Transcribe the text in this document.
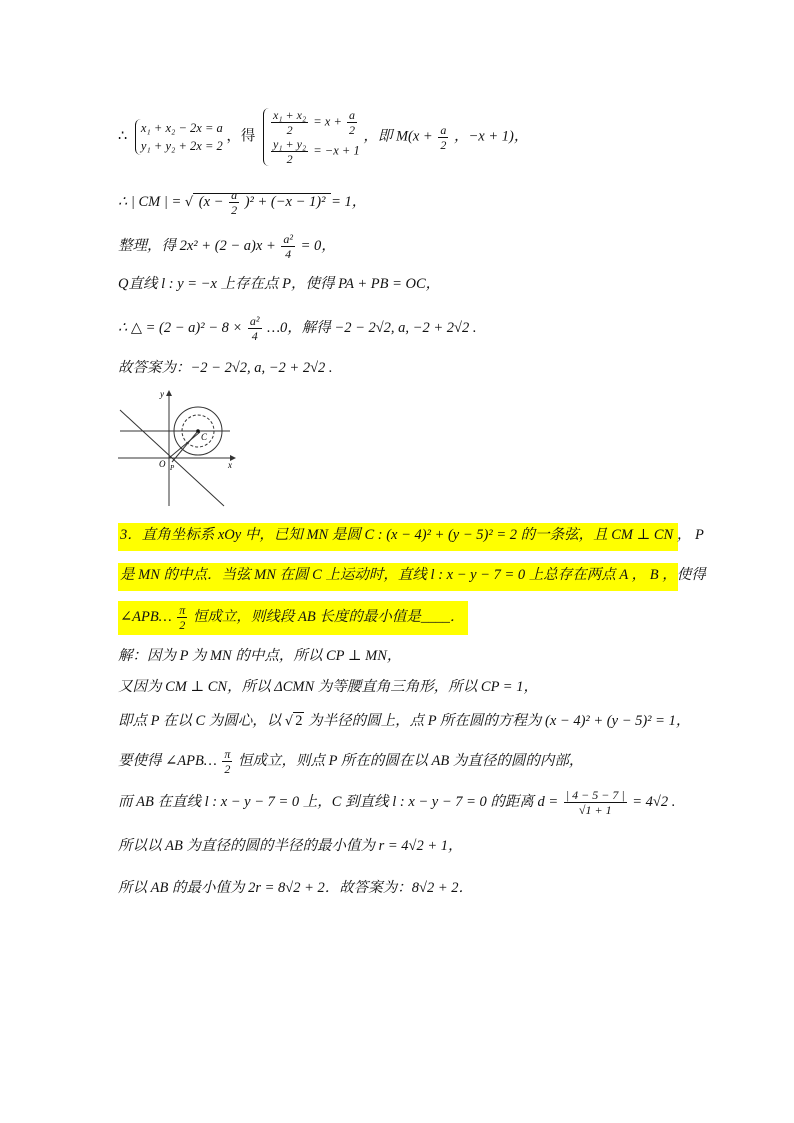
∴
x₁ + x₂ − 2x = a
y₁ + y₂ + 2x = 2
，得 $\frac{\text{x₁ + x₂}}{2} = x + \frac{a}{2}$
$\frac{\text{y₁ + y₂}}{2} = -x + 1$
，即 $M(x + \frac{a}{2}$ ，−x + 1)，
∴ | CM | = √ $(x - \frac{a}{2} )^2 + (-x - 1)^2 = 1$，
整理，得 $2x^2 + (2 - a)x + \frac{\text{a²}}{4} = 0$，
Q直线 l : y = −x 上存在点 P，使得 PA + PB = OC，
∴ △ = $(2 - a)^2 - 8 \times \frac{\text{a²}}{4}$ …0，解得 −2 − 2√2, a, −2 + 2√2 .
故答案为：−2 − 2√2, a, −2 + 2√2 .
y
x
O
C
P
3．直角坐标系 xOy 中，已知 MN 是圆 C : (x − 4)² + (y − 5)² = 2 的一条弦，且 CM ⊥ CN ， P
是 MN 的中点．当弦 MN 在圆 C 上运动时，直线 l : x − y − 7 = 0 上总存在两点 A ， B ，使得
∠APB… $\frac{\pi}{2}$ 恒成立，则线段 AB 长度的最小值是____．
解：因为 P 为 MN 的中点，所以 CP ⊥ MN，
又因为 CM ⊥ CN，所以 ΔCMN 为等腰直角三角形，所以 CP = 1，
即点 P 在以 C 为圆心，以 √ 2 为半径的圆上，点 P 所在圆的方程为 (x − 4)² + (y − 5)² = 1，
要使得 ∠APB… $\frac{\pi}{2}$ 恒成立，则点 P 所在的圆在以 AB 为直径的圆的内部，
而 AB 在直线 l : x − y − 7 = 0 上，C 到直线 l : x − y − 7 = 0 的距离 $d = \frac{| 4 - 5 - 7 |}{√1 + 1} = 4√2$ .
所以以 AB 为直径的圆的半径的最小值为 r = 4√2 + 1，
所以 AB 的最小值为 2r = 8√2 + 2．故答案为：8√2 + 2．
